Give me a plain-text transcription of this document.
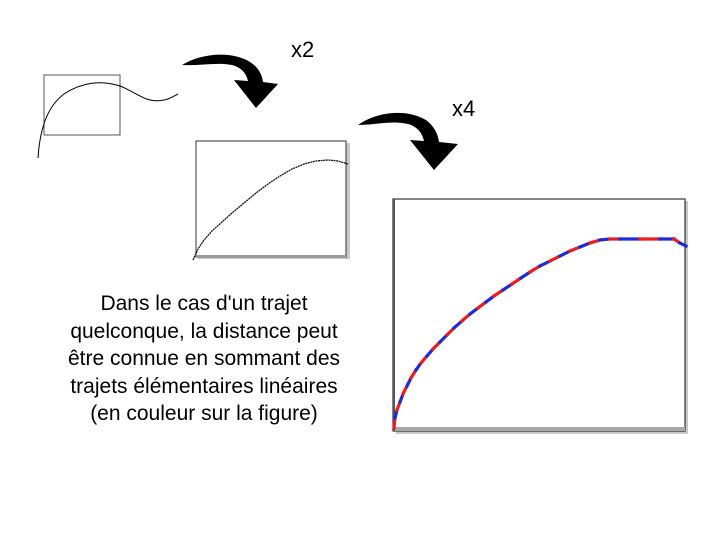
x2
x4
Dans le cas d'un trajet
quelconque, la distance peut
être connue en sommant des
trajets élémentaires linéaires
(en couleur sur la figure)
